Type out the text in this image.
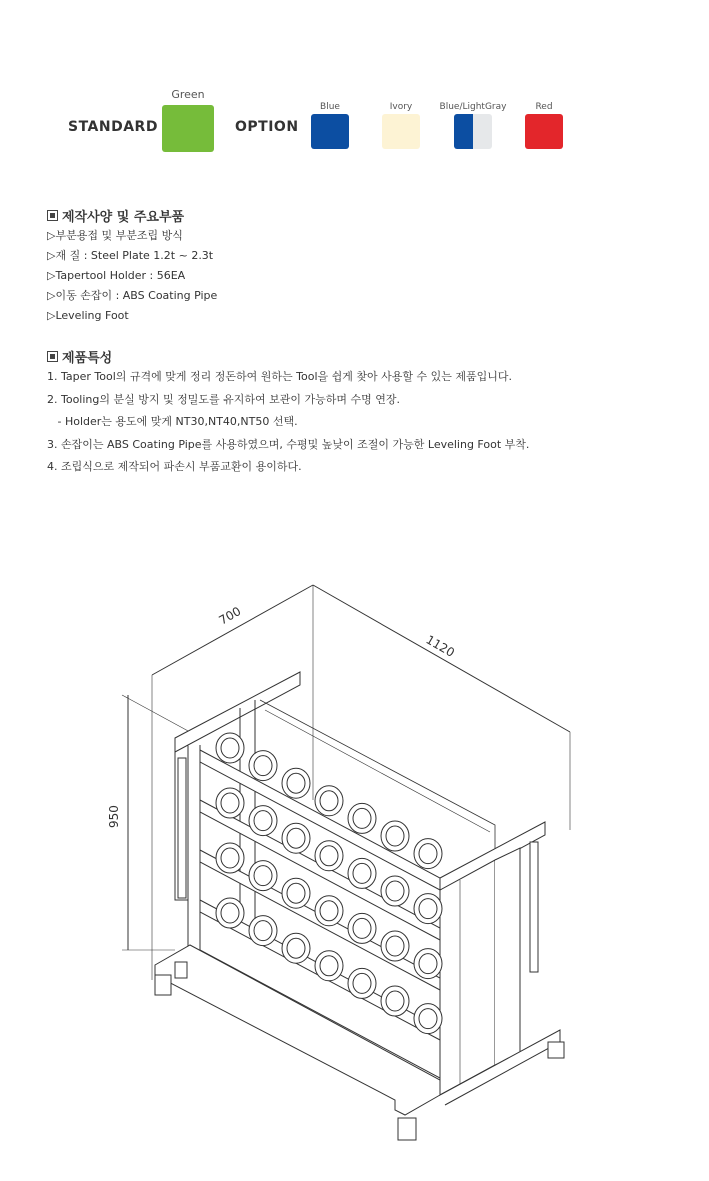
STANDARD
Green
OPTION
Blue	Ivory	Blue/LightGray	Red
제작사양 및 주요부품
▷부분용접 및 부분조립 방식
▷재 질 : Steel Plate 1.2t ~ 2.3t
▷Tapertool Holder : 56EA
▷이동 손잡이 : ABS Coating Pipe
▷Leveling Foot
제품특성
1. Taper Tool의 규격에 맞게 정리 정돈하여 원하는 Tool을 쉽게 찾아 사용할 수 있는 제품입니다.
2. Tooling의 분실 방지 및 정밀도를 유지하여 보관이 가능하며 수명 연장.
- Holder는 용도에 맞게 NT30,NT40,NT50 선택.
3. 손잡이는 ABS Coating Pipe를 사용하였으며, 수평및 높낮이 조절이 가능한 Leveling Foot 부착.
4. 조립식으로 제작되어 파손시 부품교환이 용이하다.
700
1120
950
